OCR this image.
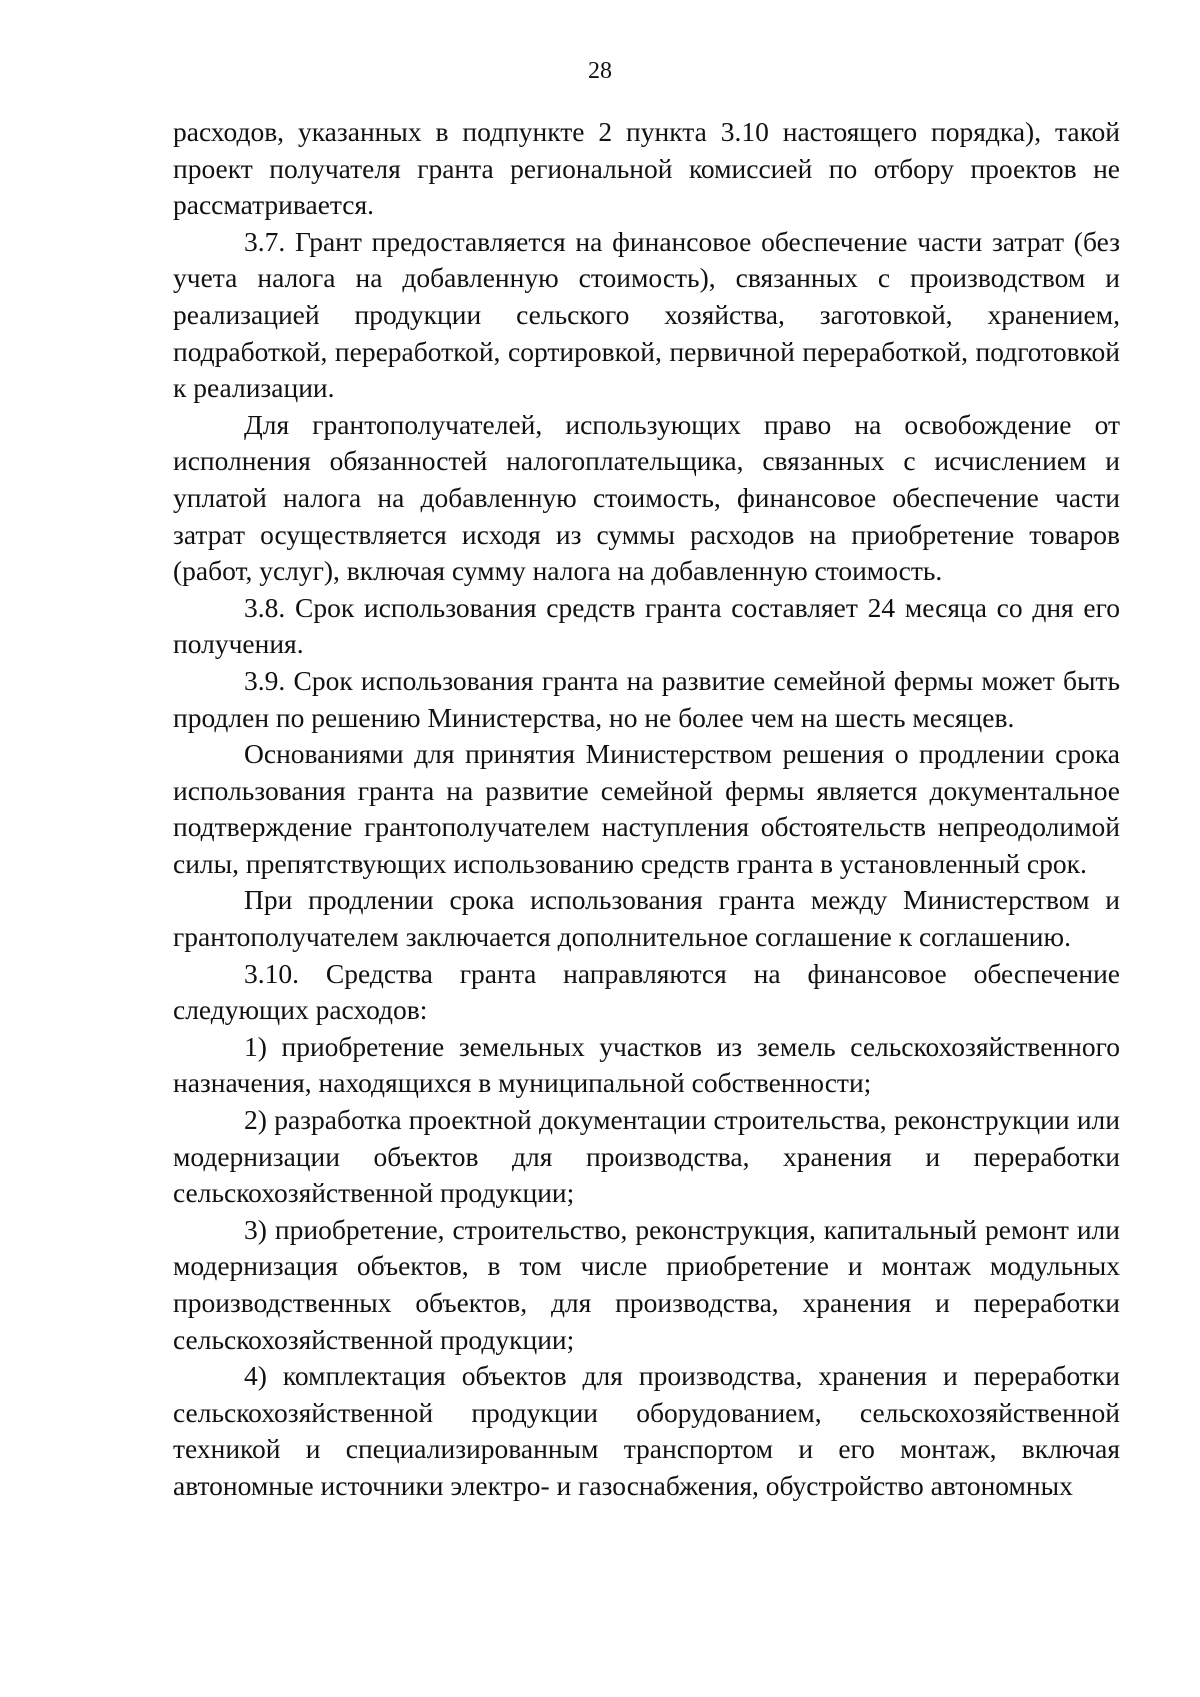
28

расходов, указанных в подпункте 2 пункта 3.10 настоящего порядка), такой проект получателя гранта региональной комиссией по отбору проектов не рассматривается.

3.7. Грант предоставляется на финансовое обеспечение части затрат (без учета налога на добавленную стоимость), связанных с производством и реализацией продукции сельского хозяйства, заготовкой, хранением, подработкой, переработкой, сортировкой, первичной переработкой, подготовкой к реализации.

Для грантополучателей, использующих право на освобождение от исполнения обязанностей налогоплательщика, связанных с исчислением и уплатой налога на добавленную стоимость, финансовое обеспечение части затрат осуществляется исходя из суммы расходов на приобретение товаров (работ, услуг), включая сумму налога на добавленную стоимость.

3.8. Срок использования средств гранта составляет 24 месяца со дня его получения.

3.9. Срок использования гранта на развитие семейной фермы может быть продлен по решению Министерства, но не более чем на шесть месяцев.

Основаниями для принятия Министерством решения о продлении срока использования гранта на развитие семейной фермы является документальное подтверждение грантополучателем наступления обстоятельств непреодолимой силы, препятствующих использованию средств гранта в установленный срок.

При продлении срока использования гранта между Министерством и грантополучателем заключается дополнительное соглашение к соглашению.

3.10. Средства гранта направляются на финансовое обеспечение следующих расходов:

1) приобретение земельных участков из земель сельскохозяйственного назначения, находящихся в муниципальной собственности;

2) разработка проектной документации строительства, реконструкции или модернизации объектов для производства, хранения и переработки сельскохозяйственной продукции;

3) приобретение, строительство, реконструкция, капитальный ремонт или модернизация объектов, в том числе приобретение и монтаж модульных производственных объектов, для производства, хранения и переработки сельскохозяйственной продукции;

4) комплектация объектов для производства, хранения и переработки сельскохозяйственной продукции оборудованием, сельскохозяйственной техникой и специализированным транспортом и его монтаж, включая автономные источники электро- и газоснабжения, обустройство автономных
